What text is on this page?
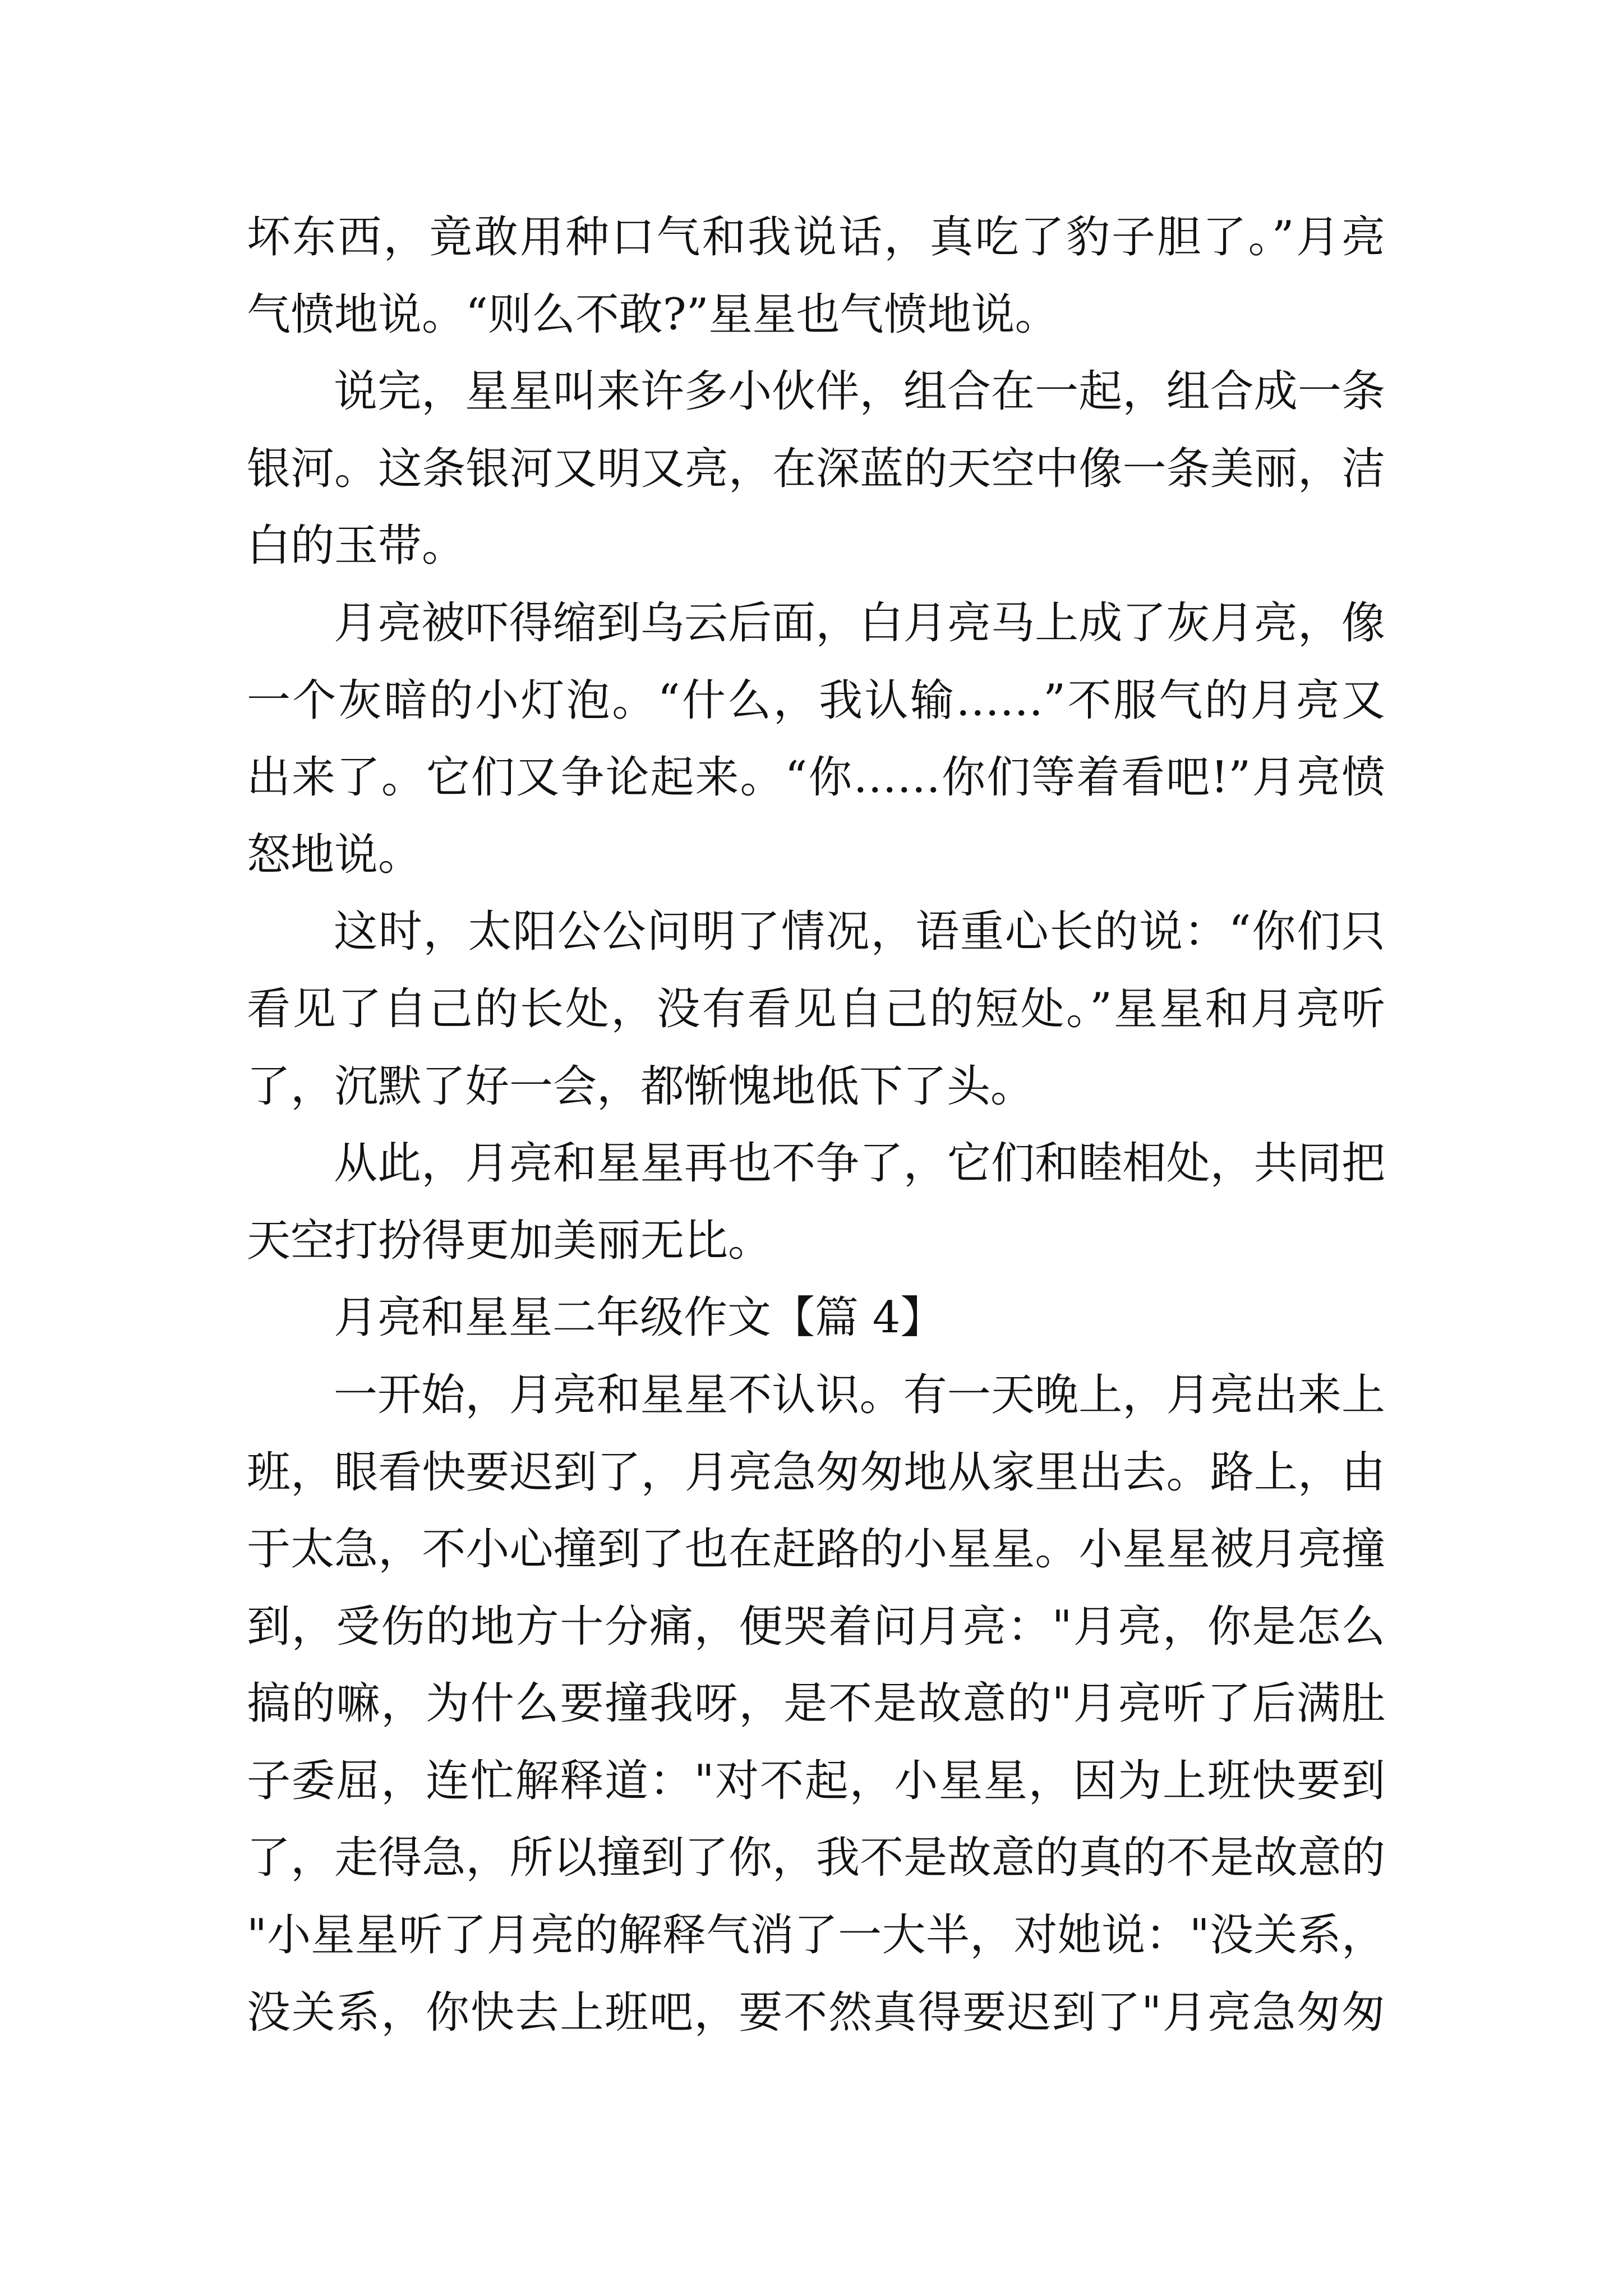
坏东西，竟敢用种口气和我说话，真吃了豹子胆了。”月亮
气愤地说。“则么不敢?”星星也气愤地说。
说完，星星叫来许多小伙伴，组合在一起，组合成一条
银河。这条银河又明又亮，在深蓝的天空中像一条美丽，洁
白的玉带。
月亮被吓得缩到乌云后面，白月亮马上成了灰月亮，像
一个灰暗的小灯泡。“什么，我认输……”不服气的月亮又
出来了。它们又争论起来。“你……你们等着看吧!”月亮愤
怒地说。
这时，太阳公公问明了情况，语重心长的说：“你们只
看见了自己的长处，没有看见自己的短处。”星星和月亮听
了，沉默了好一会，都惭愧地低下了头。
从此，月亮和星星再也不争了，它们和睦相处，共同把
天空打扮得更加美丽无比。
月亮和星星二年级作文【篇 4】
一开始，月亮和星星不认识。有一天晚上，月亮出来上
班，眼看快要迟到了，月亮急匆匆地从家里出去。路上，由
于太急，不小心撞到了也在赶路的小星星。小星星被月亮撞
到，受伤的地方十分痛，便哭着问月亮："月亮，你是怎么
搞的嘛，为什么要撞我呀，是不是故意的"月亮听了后满肚
子委屈，连忙解释道："对不起，小星星，因为上班快要到
了，走得急，所以撞到了你，我不是故意的真的不是故意的
"小星星听了月亮的解释气消了一大半，对她说："没关系，
没关系，你快去上班吧，要不然真得要迟到了"月亮急匆匆
